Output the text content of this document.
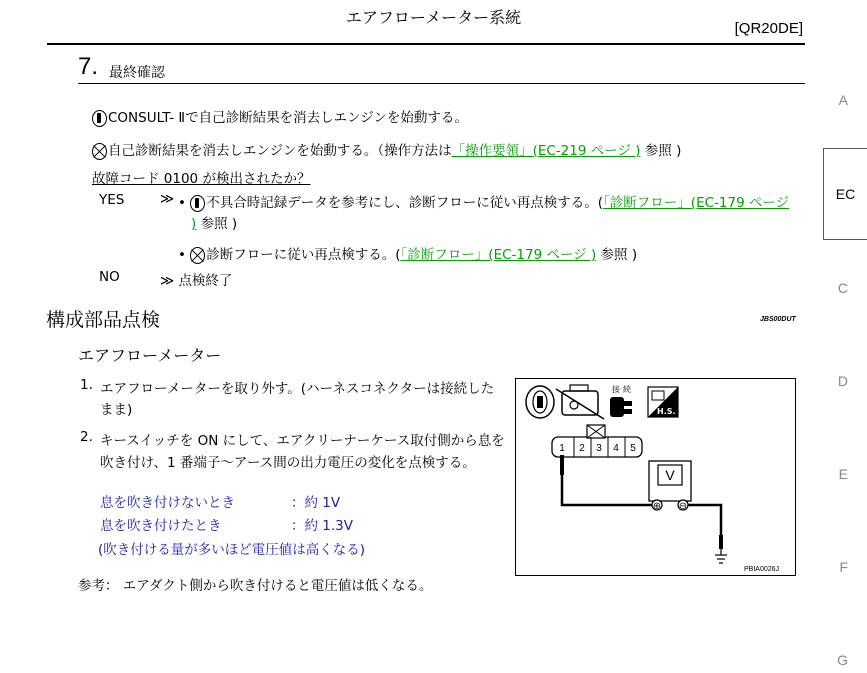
エアフローメーター系統
[QR20DE]
7. 最終確認
CONSULT- Ⅱで自己診断結果を消去しエンジンを始動する。
自己診断結果を消去しエンジンを始動する。（操作方法は「操作要領」(EC-219 ページ ) 参照 )
故障コード 0100 が検出されたか？
YES	≫ • 不具合時記録データを参考にし、診断フローに従い再点検する。(「診断フロー」(EC-179 ページ
) 参照 )
• 診断フローに従い再点検する。(「診断フロー」(EC-179 ページ ) 参照 )
NO	≫ 点検終了
A
EC
C
D
E
F
G
構成部品点検	JBS00DUT
エアフローメーター
1. エアフローメーターを取り外す。(ハーネスコネクターは接続した
まま)
2. キースイッチを ON にして、エアクリーナーケース取付側から息を
吹き付け、1 番端子〜アース間の出力電圧の変化を点検する。
息を吹き付けないとき	：約 1V
息を吹き付けたとき	：約 1.3V
(吹き付ける量が多いほど電圧値は高くなる)
参考： エアダクト側から吹き付けると電圧値は低くなる。
接 続
H.S.
1 2 3 4 5
V
⊕ ⊖
PBIA0026J
